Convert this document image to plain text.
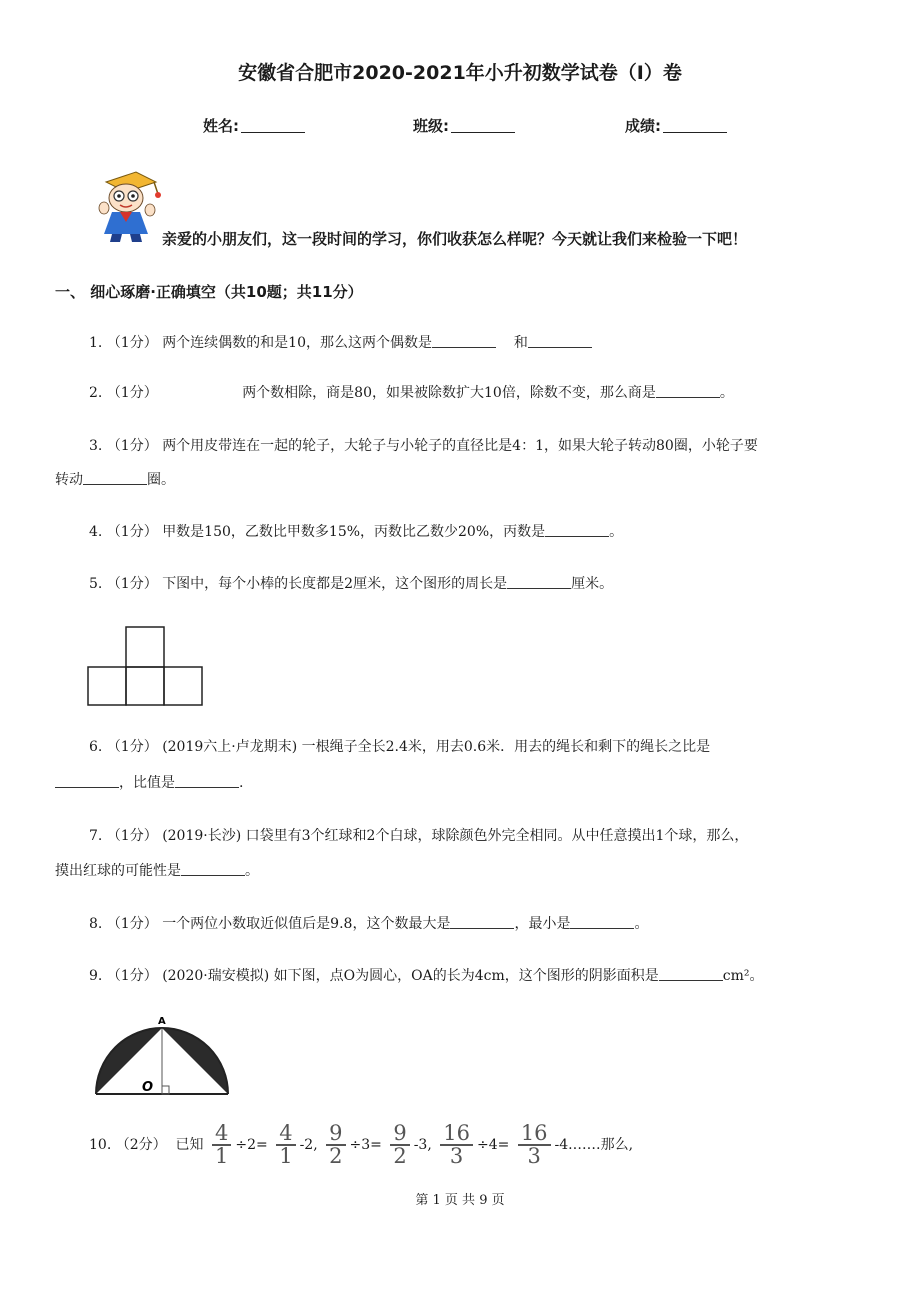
安徽省合肥市2020-2021年小升初数学试卷（I）卷
姓名:	班级:	成绩:
亲爱的小朋友们，这一段时间的学习，你们收获怎么样呢？今天就让我们来检验一下吧！
一、 细心琢磨·正确填空（共10题；共11分）
1. （1分） 两个连续偶数的和是10，那么这两个偶数是	和
2. （1分）	两个数相除，商是80，如果被除数扩大10倍，除数不变，那么商是	。
3. （1分） 两个用皮带连在一起的轮子，大轮子与小轮子的直径比是4：1，如果大轮子转动80圈，小轮子要
转动	圈。
4. （1分） 甲数是150，乙数比甲数多15%，丙数比乙数少20%，丙数是	。
5. （1分） 下图中，每个小棒的长度都是2厘米，这个图形的周长是	厘米。
6. （1分） (2019六上·卢龙期末) 一根绳子全长2.4米，用去0.6米．用去的绳长和剩下的绳长之比是
，比值是	.
7. （1分） (2019·长沙) 口袋里有3个红球和2个白球，球除颜色外完全相同。从中任意摸出1个球，那么，
摸出红球的可能性是	。
8. （1分） 一个两位小数取近似值后是9.8，这个数最大是	，最小是	。
9. （1分） (2020·瑞安模拟) 如下图，点O为圆心，OA的长为4cm，这个图形的阴影面积是	cm²。
A
O
10. （2分） 已知 $\frac{4}{1} \div 2= \frac{4}{1} -2$, $\frac{9}{2} \div 3= \frac{9}{2} -3$, $\frac{16}{3} \div 4= \frac{16}{3}$ -4.……那么,
第 1 页 共 9 页
